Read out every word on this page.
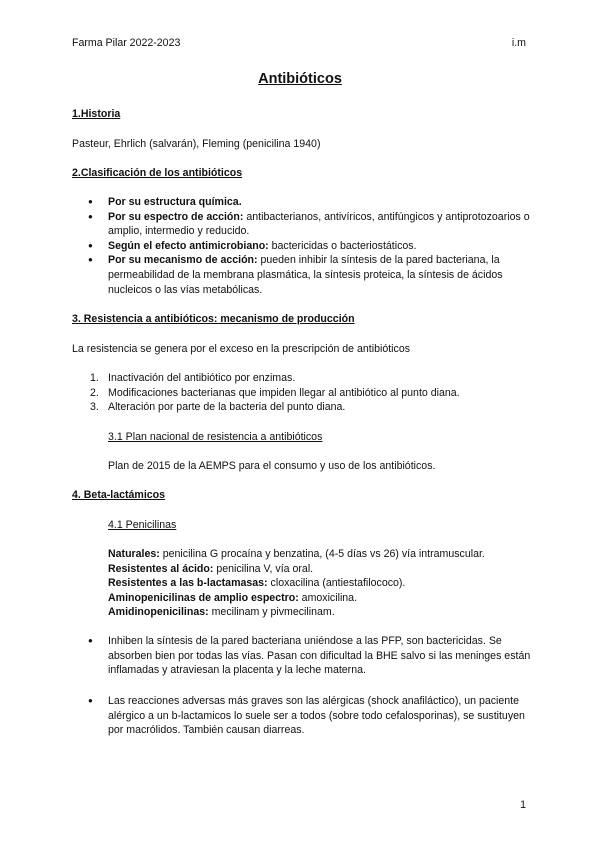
Farma Pilar 2022-2023	i.m
Antibióticos
1.Historia
Pasteur, Ehrlich (salvarán), Fleming (penicilina 1940)
2.Clasificación de los antibióticos
● Por su estructura química.
● Por su espectro de acción: antibacterianos, antivíricos, antifúngicos y antiprotozoarios o amplio, intermedio y reducido.
● Según el efecto antimicrobiano: bactericidas o bacteriostáticos.
● Por su mecanismo de acción: pueden inhibir la síntesis de la pared bacteriana, la permeabilidad de la membrana plasmática, la síntesis proteica, la síntesis de ácidos nucleicos o las vías metabólicas.
3. Resistencia a antibióticos: mecanismo de producción
La resistencia se genera por el exceso en la prescripción de antibióticos
1. Inactivación del antibiótico por enzimas.
2. Modificaciones bacterianas que impiden llegar al antibiótico al punto diana.
3. Alteración por parte de la bacteria del punto diana.
3.1 Plan nacional de resistencia a antibióticos
Plan de 2015 de la AEMPS para el consumo y uso de los antibióticos.
4. Beta-lactámicos
4.1 Penicilinas
Naturales: penicilina G procaína y benzatina, (4-5 días vs 26) vía intramuscular.
Resistentes al ácido: penicilina V, vía oral.
Resistentes a las b-lactamasas: cloxacilina (antiestafilococo).
Aminopenicilinas de amplio espectro: amoxicilina.
Amidinopenicilinas: mecilinam y pivmecilinam.
● Inhiben la síntesis de la pared bacteriana uniéndose a las PFP, son bactericidas. Se absorben bien por todas las vías. Pasan con dificultad la BHE salvo si las meninges están inflamadas y atraviesan la placenta y la leche materna.
● Las reacciones adversas más graves son las alérgicas (shock anafiláctico), un paciente alérgico a un b-lactamicos lo suele ser a todos (sobre todo cefalosporinas), se sustituyen por macrólidos. También causan diarreas.
1
